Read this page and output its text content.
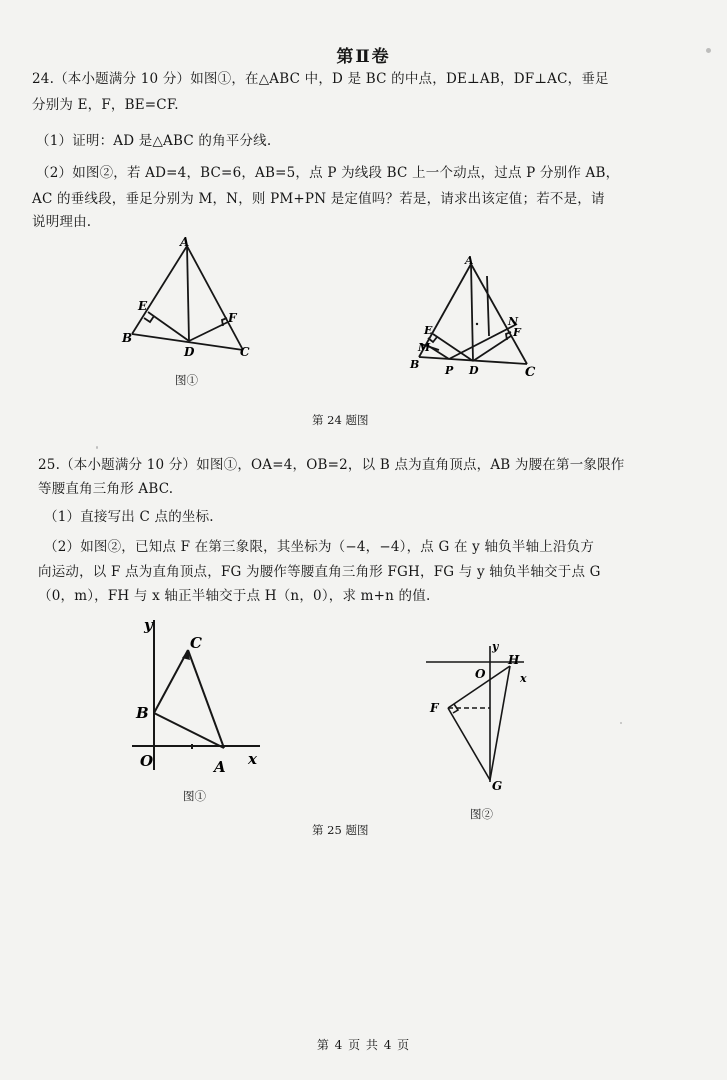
第Ⅱ卷
24.（本小题满分 10 分）如图①，在△ABC 中，D 是 BC 的中点，DE⊥AB，DF⊥AC，垂足
分别为 E，F，BE=CF.
（1）证明：AD 是△ABC 的角平分线.
（2）如图②，若 AD=4，BC=6，AB=5，点 P 为线段 BC 上一个动点，过点 P 分别作 AB，
AC 的垂线段，垂足分别为 M，N，则 PM+PN 是定值吗？若是，请求出该定值；若不是，请
说明理由.
A
B
C
D
E
F
图①
A
B
C
D
E	F
M
N
P
第 24 题图
25.（本小题满分 10 分）如图①，OA=4，OB=2，以 B 点为直角顶点，AB 为腰在第一象限作
等腰直角三角形 ABC.
（1）直接写出 C 点的坐标.
（2）如图②，已知点 F 在第三象限，其坐标为（−4，−4），点 G 在 y 轴负半轴上沿负方
向运动，以 F 点为直角顶点，FG 为腰作等腰直角三角形 FGH，FG 与 y 轴负半轴交于点 G
（0，m），FH 与 x 轴正半轴交于点 H（n，0），求 m+n 的值.
y
x
O	A
B
C
图①
y
x
O
H
F
G
图②
第 25 题图
第 4 页 共 4 页
